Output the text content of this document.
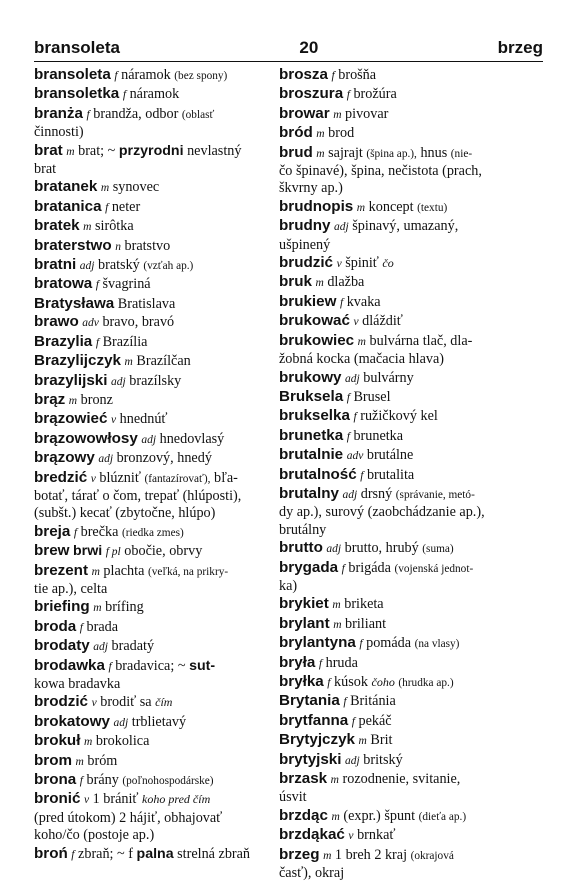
bransoleta	20	brzeg
bransoleta f náramok (bez spony)
bransoletka f náramok
branża f brandža, odbor (oblasť
činnosti)
brat m brat; ~ przyrodni nevlastný
brat
bratanek m synovec
bratanica f neter
bratek m sirôtka
braterstwo n bratstvo
bratni adj bratský (vzťah ap.)
bratowa f švagriná
Bratysława Bratislava
brawo adv bravo, bravó
Brazylia f Brazília
Brazylijczyk m Brazílčan
brazylijski adj brazílsky
brąz m bronz
brązowieć v hnednúť
brązowowłosy adj hnedovlasý
brązowy adj bronzový, hnedý
bredzić v blúzniť (fantazírovať), bľa-
botať, tárať o čom, trepať (hlúposti),
(subšt.) kecať (zbytočne, hlúpo)
breja f brečka (riedka zmes)
brew brwi f pl obočie, obrvy
brezent m plachta (veľká, na prikry-
tie ap.), celta
briefing m brífing
broda f brada
brodaty adj bradatý
brodawka f bradavica; ~ sut-
kowa bradavka
brodzić v brodiť sa čím
brokatowy adj trblietavý
brokuł m brokolica
brom m bróm
brona f brány (poľnohospodárske)
bronić v 1 brániť koho pred čím
(pred útokom) 2 hájiť, obhajovať
koho/čo (postoje ap.)
broń f zbraň; ~ f palna strelná zbraň
brosza f brošňa
broszura f brožúra
browar m pivovar
bród m brod
brud m sajrajt (špina ap.), hnus (nie-
čo špinavé), špina, nečistota (prach,
škvrny ap.)
brudnopis m koncept (textu)
brudny adj špinavý, umazaný,
ušpinený
brudzić v špiniť čo
bruk m dlažba
brukiew f kvaka
brukować v dláždiť
brukowiec m bulvárna tlač, dla-
žobná kocka (mačacia hlava)
brukowy adj bulvárny
Bruksela f Brusel
brukselka f ružičkový kel
brunetka f brunetka
brutalnie adv brutálne
brutalność f brutalita
brutalny adj drsný (správanie, metó-
dy ap.), surový (zaobchádzanie ap.),
brutálny
brutto adj brutto, hrubý (suma)
brygada f brigáda (vojenská jednot-
ka)
brykiet m briketa
brylant m briliant
brylantyna f pomáda (na vlasy)
bryła f hruda
bryłka f kúsok čoho (hrudka ap.)
Brytania f Británia
brytfanna f pekáč
Brytyjczyk m Brit
brytyjski adj britský
brzask m rozodnenie, svitanie,
úsvit
brzdąc m (expr.) špunt (dieťa ap.)
brzdąkać v brnkať
brzeg m 1 breh 2 kraj (okrajová
časť), okraj
